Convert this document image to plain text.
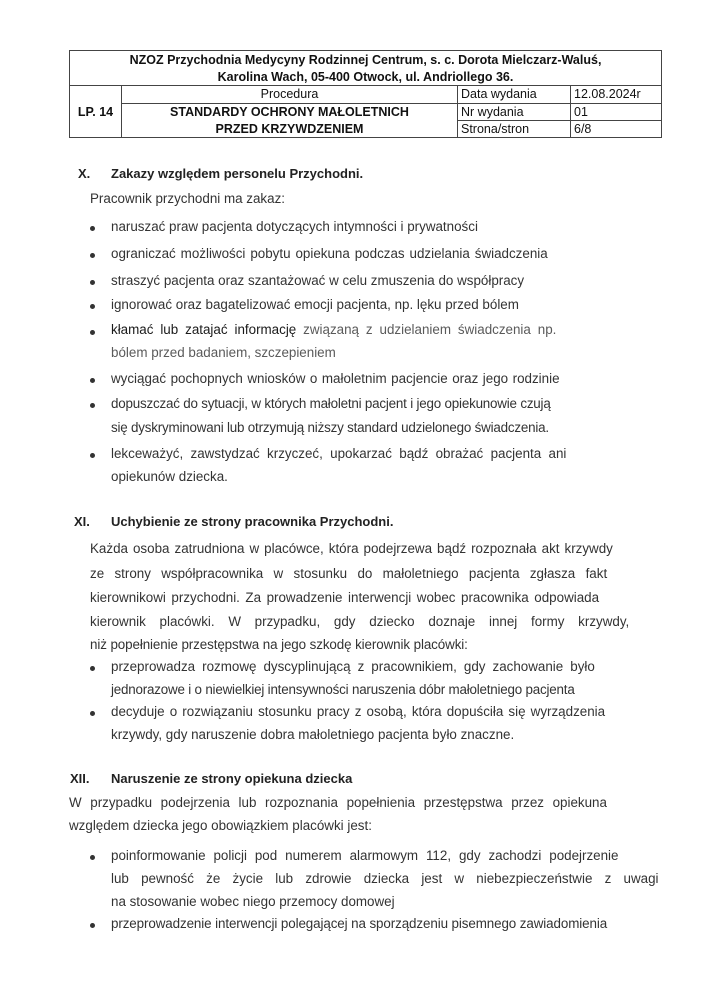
NZOZ Przychodnia Medycyny Rodzinnej Centrum, s. c. Dorota Mielczarz-Waluś,
Karolina Wach, 05-400 Otwock, ul. Andriollego 36.
LP. 14
Procedura
STANDARDY OCHRONY MAŁOLETNICH
PRZED KRZYWDZENIEM
Data wydania	12.08.2024r
Nr wydania	01
Strona/stron	6/8
X. Zakazy względem personelu Przychodni.
Pracownik przychodni ma zakaz:
naruszać praw pacjenta dotyczących intymności i prywatności
ograniczać możliwości pobytu opiekuna podczas udzielania świadczenia
straszyć pacjenta oraz szantażować w celu zmuszenia do współpracy
ignorować oraz bagatelizować emocji pacjenta, np. lęku przed bólem
kłamać lub zatajać informację związaną z udzielaniem świadczenia np.
bólem przed badaniem, szczepieniem
wyciągać pochopnych wniosków o małoletnim pacjencie oraz jego rodzinie
dopuszczać do sytuacji, w których małoletni pacjent i jego opiekunowie czują
się dyskryminowani lub otrzymują niższy standard udzielonego świadczenia.
lekceważyć, zawstydzać krzyczeć, upokarzać bądź obrażać pacjenta ani
opiekunów dziecka.
XI. Uchybienie ze strony pracownika Przychodni.
Każda osoba zatrudniona w placówce, która podejrzewa bądź rozpoznała akt krzywdy
ze strony współpracownika w stosunku do małoletniego pacjenta zgłasza fakt
kierownikowi przychodni. Za prowadzenie interwencji wobec pracownika odpowiada
kierownik placówki. W przypadku, gdy dziecko doznaje innej formy krzywdy,
niż popełnienie przestępstwa na jego szkodę kierownik placówki:
przeprowadza rozmowę dyscyplinującą z pracownikiem, gdy zachowanie było
jednorazowe i o niewielkiej intensywności naruszenia dóbr małoletniego pacjenta
decyduje o rozwiązaniu stosunku pracy z osobą, która dopuściła się wyrządzenia
krzywdy, gdy naruszenie dobra małoletniego pacjenta było znaczne.
XII. Naruszenie ze strony opiekuna dziecka
W przypadku podejrzenia lub rozpoznania popełnienia przestępstwa przez opiekuna
względem dziecka jego obowiązkiem placówki jest:
poinformowanie policji pod numerem alarmowym 112, gdy zachodzi podejrzenie
lub pewność że życie lub zdrowie dziecka jest w niebezpieczeństwie z uwagi
na stosowanie wobec niego przemocy domowej
przeprowadzenie interwencji polegającej na sporządzeniu pisemnego zawiadomienia
